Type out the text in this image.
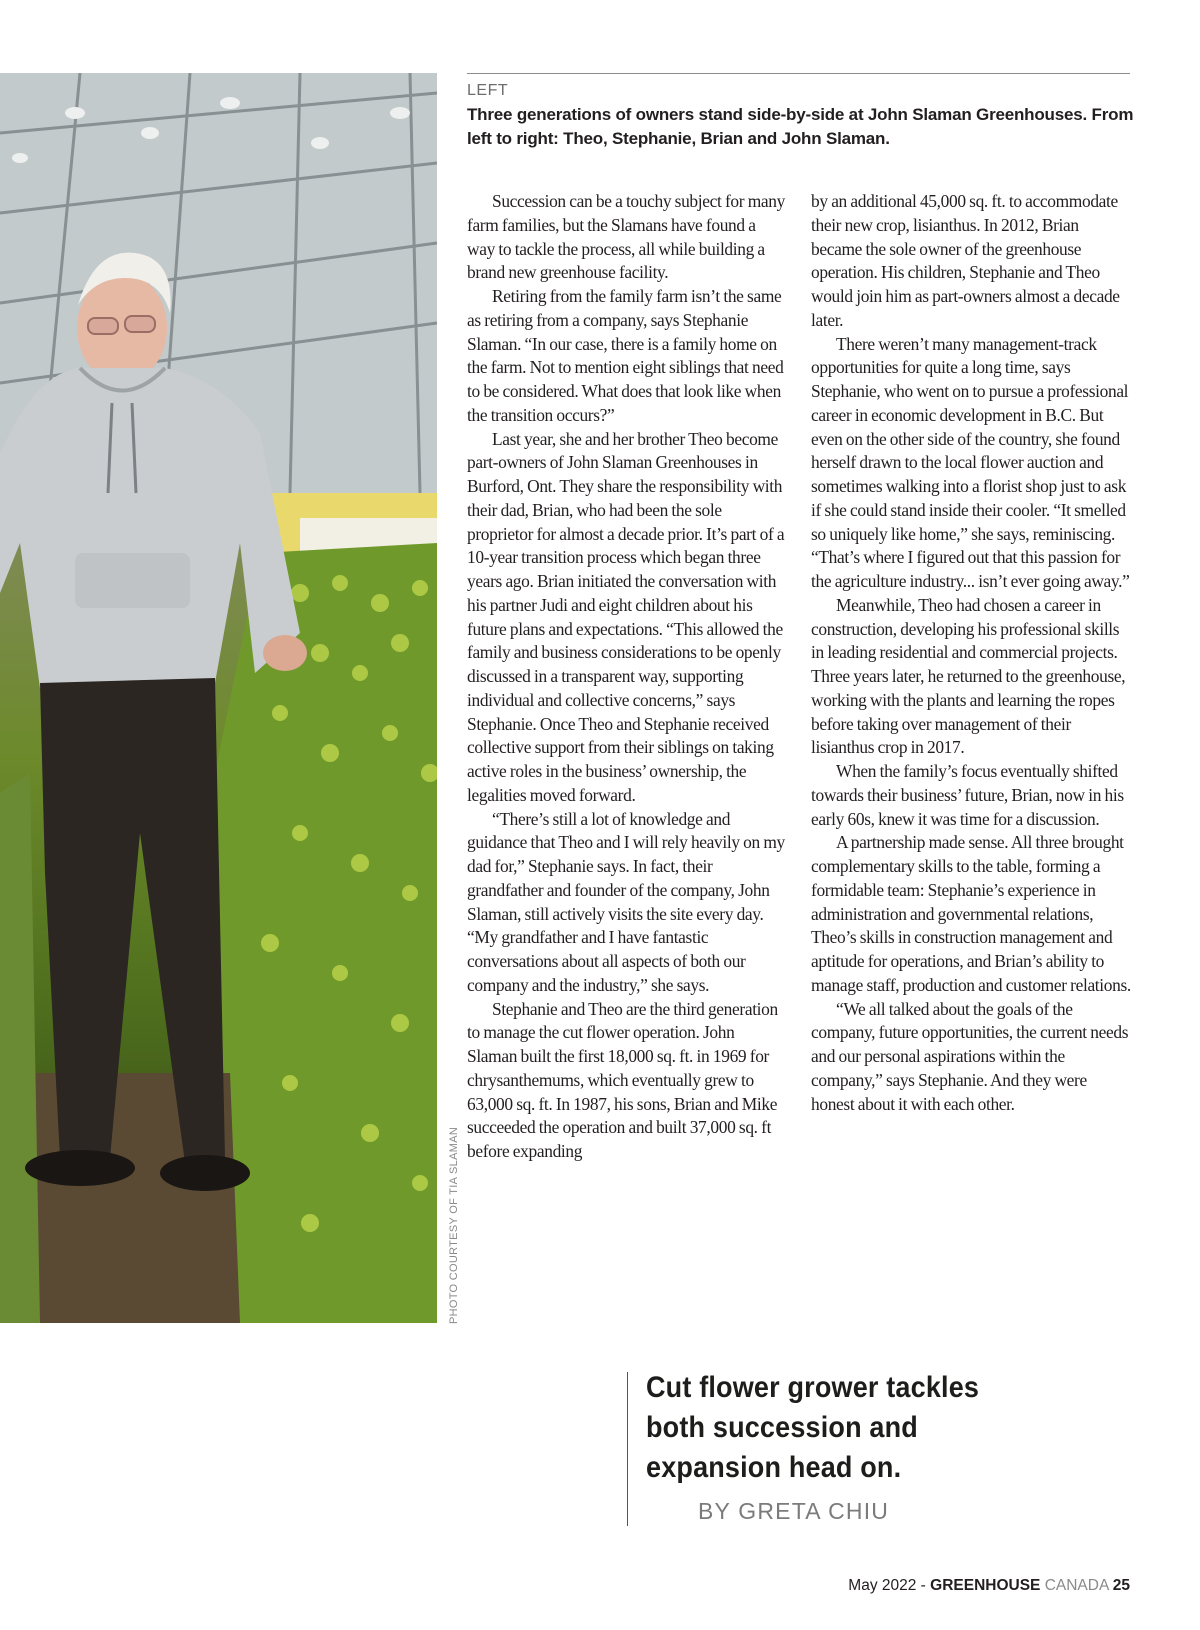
PHOTO COURTESY OF TIA SLAMAN
LEFT
Three generations of owners stand side-by-side at John Slaman Greenhouses. From left to right: Theo, Stephanie, Brian and John Slaman.

Succession can be a touchy subject for many farm families, but the Slamans have found a way to tackle the process, all while building a brand new greenhouse facility.

Retiring from the family farm isn’t the same as retiring from a company, says Stephanie Slaman. “In our case, there is a family home on the farm. Not to mention eight siblings that need to be considered. What does that look like when the transition occurs?”

Last year, she and her brother Theo become part-owners of John Slaman Greenhouses in Burford, Ont. They share the responsibility with their dad, Brian, who had been the sole proprietor for almost a decade prior. It’s part of a 10-year transition process which began three years ago. Brian initiated the conversation with his partner Judi and eight children about his future plans and expectations. “This allowed the family and business considerations to be openly discussed in a transparent way, supporting individual and collective concerns,” says Stephanie. Once Theo and Stephanie received collective support from their siblings on taking active roles in the business’ ownership, the legalities moved forward.

“There’s still a lot of knowledge and guidance that Theo and I will rely heavily on my dad for,” Stephanie says. In fact, their grandfather and founder of the company, John Slaman, still actively visits the site every day. “My grandfather and I have fantastic conversations about all aspects of both our company and the industry,” she says.

Stephanie and Theo are the third generation to manage the cut flower operation. John Slaman built the first 18,000 sq. ft. in 1969 for chrysanthemums, which eventually grew to 63,000 sq. ft. In 1987, his sons, Brian and Mike succeeded the operation and built 37,000 sq. ft before expanding

by an additional 45,000 sq. ft. to accommodate their new crop, lisianthus. In 2012, Brian became the sole owner of the greenhouse operation. His children, Stephanie and Theo would join him as part-owners almost a decade later.

There weren’t many management-track opportunities for quite a long time, says Stephanie, who went on to pursue a professional career in economic development in B.C. But even on the other side of the country, she found herself drawn to the local flower auction and sometimes walking into a florist shop just to ask if she could stand inside their cooler. “It smelled so uniquely like home,” she says, reminiscing. “That’s where I figured out that this passion for the agriculture industry... isn’t ever going away.”

Meanwhile, Theo had chosen a career in construction, developing his professional skills in leading residential and commercial projects. Three years later, he returned to the greenhouse, working with the plants and learning the ropes before taking over management of their lisianthus crop in 2017.

When the family’s focus eventually shifted towards their business’ future, Brian, now in his early 60s, knew it was time for a discussion.

A partnership made sense. All three brought complementary skills to the table, forming a formidable team: Stephanie’s experience in administration and governmental relations, Theo’s skills in construction management and aptitude for operations, and Brian’s ability to manage staff, production and customer relations.

“We all talked about the goals of the company, future opportunities, the current needs and our personal aspirations within the company,” says Stephanie. And they were honest about it with each other.

Cut flower grower tackles both succession and expansion head on.
BY GRETA CHIU
May 2022 - GREENHOUSE CANADA 25
